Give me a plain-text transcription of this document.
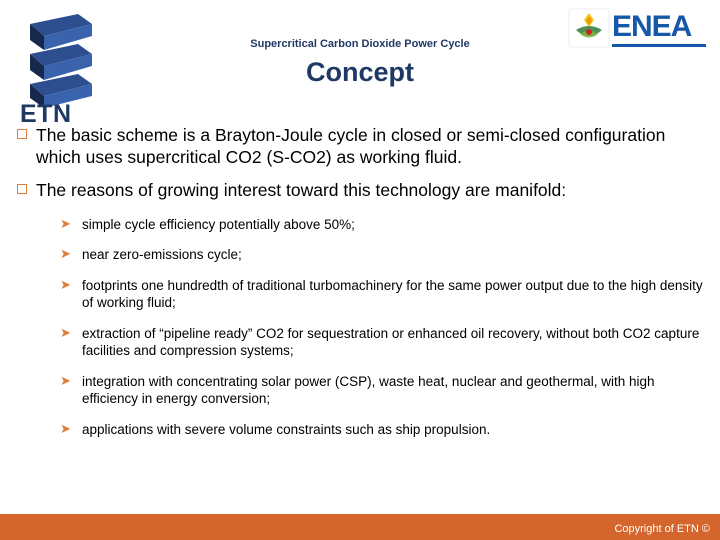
ETN
ENEA
Supercritical Carbon Dioxide Power Cycle
Concept
The basic scheme is a Brayton-Joule cycle in closed or semi-closed configuration which uses supercritical CO2 (S-CO2) as working fluid.
The reasons of growing interest toward this technology are manifold:
➤ simple cycle efficiency potentially above 50%;
➤ near zero-emissions cycle;
➤ footprints one hundredth of traditional turbomachinery for the same power output due to the high density of working fluid;
➤ extraction of “pipeline ready” CO2 for sequestration or enhanced oil recovery, without both CO2 capture facilities and compression systems;
➤ integration with concentrating solar power (CSP), waste heat, nuclear and geothermal, with high efficiency in energy conversion;
➤ applications with severe volume constraints such as ship propulsion.
Copyright of ETN ©
